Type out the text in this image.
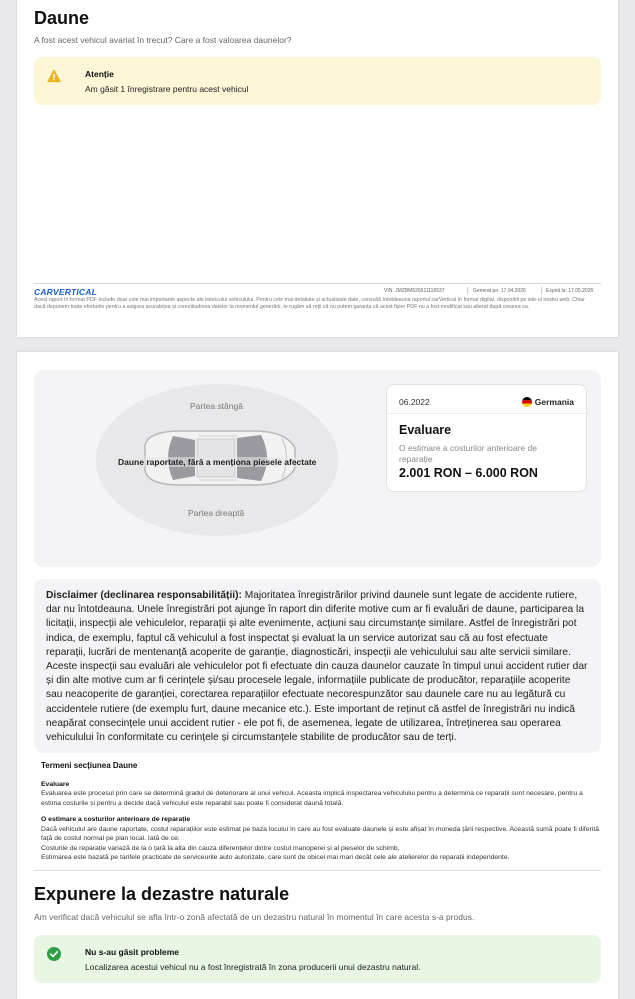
Daune
A fost acest vehicul avariat în trecut? Care a fost valoarea daunelor?
Atenție
Am găsit 1 înregistrare pentru acest vehicul
CARVERTICAL	VIN: JMZBM526611116537	Generat pe: 17.04.2026	Expiră la: 17.05.2026
Acest raport în format PDF include doar cele mai importante aspecte ale istoricului vehiculului. Pentru cele mai detaliate și actualizate date, consultă întotdeauna raportul carVertical în format digital, disponibil pe site-ul nostru web. Chiar dacă depunem toate eforturile pentru a asigura acuratețea și corectitudinea datelor la momentul generării, te rugăm să reții că nu putem garanta că acest fișier PDF nu a fost modificat sau alterat după crearea sa.
Partea stângă
Partea dreaptă
Daune raportate, fără a menționa piesele afectate
06.2022	Germania
Evaluare
O estimare a costurilor anterioare de reparație
2.001 RON – 6.000 RON
Disclaimer (declinarea responsabilității): Majoritatea înregistrărilor privind daunele sunt legate de accidente rutiere, dar nu întotdeauna. Unele înregistrări pot ajunge în raport din diferite motive cum ar fi evaluări de daune, participarea la licitații, inspecții ale vehiculelor, reparații și alte evenimente, acțiuni sau circumstanțe similare. Astfel de înregistrări pot indica, de exemplu, faptul că vehiculul a fost inspectat și evaluat la un service autorizat sau că au fost efectuate reparații, lucrări de mentenanță acoperite de garanție, diagnosticări, inspecții ale vehiculului sau alte servicii similare. Aceste inspecții sau evaluări ale vehiculelor pot fi efectuate din cauza daunelor cauzate în timpul unui accident rutier dar și din alte motive cum ar fi cerințele și/sau procesele legale, informațiile publicate de producător, reparațiile acoperite sau neacoperite de garanției, corectarea reparațiilor efectuate necorespunzător sau daunele care nu au legătură cu accidentele rutiere (de exemplu furt, daune mecanice etc.). Este important de reținut că astfel de înregistrări nu indică neapărat consecințele unui accident rutier - ele pot fi, de asemenea, legate de utilizarea, întreținerea sau operarea vehiculului în conformitate cu cerințele și circumstanțele stabilite de producător sau de terți.
Termeni secțiunea Daune
Evaluare
Evaluarea este procesul prin care se determină gradul de deteriorare al unui vehicul. Aceasta implică inspectarea vehiculului pentru a determina ce reparații sunt necesare, pentru a estima costurile și pentru a decide dacă vehiculul este reparabil sau poate fi considerat daună totală.
O estimare a costurilor anterioare de reparație
Dacă vehiculul are daune raportate, costul reparațiilor este estimat pe baza locului în care au fost evaluate daunele și este afișat în moneda țării respective. Această sumă poate fi diferită față de costul normal pe plan local. Iată de ce:
Costurile de reparație variază de la o țară la alta din cauza diferențelor dintre costul manoperei și al pieselor de schimb.
Estimarea este bazată pe tarifele practicate de serviceurile auto autorizate, care sunt de obicei mai mari decât cele ale atelierelor de reparații independente.
Expunere la dezastre naturale
Am verificat dacă vehiculul se afla într-o zonă afectată de un dezastru natural în momentul în care acesta s-a produs.
Nu s-au găsit probleme
Localizarea acestui vehicul nu a fost înregistrată în zona producerii unui dezastru natural.
